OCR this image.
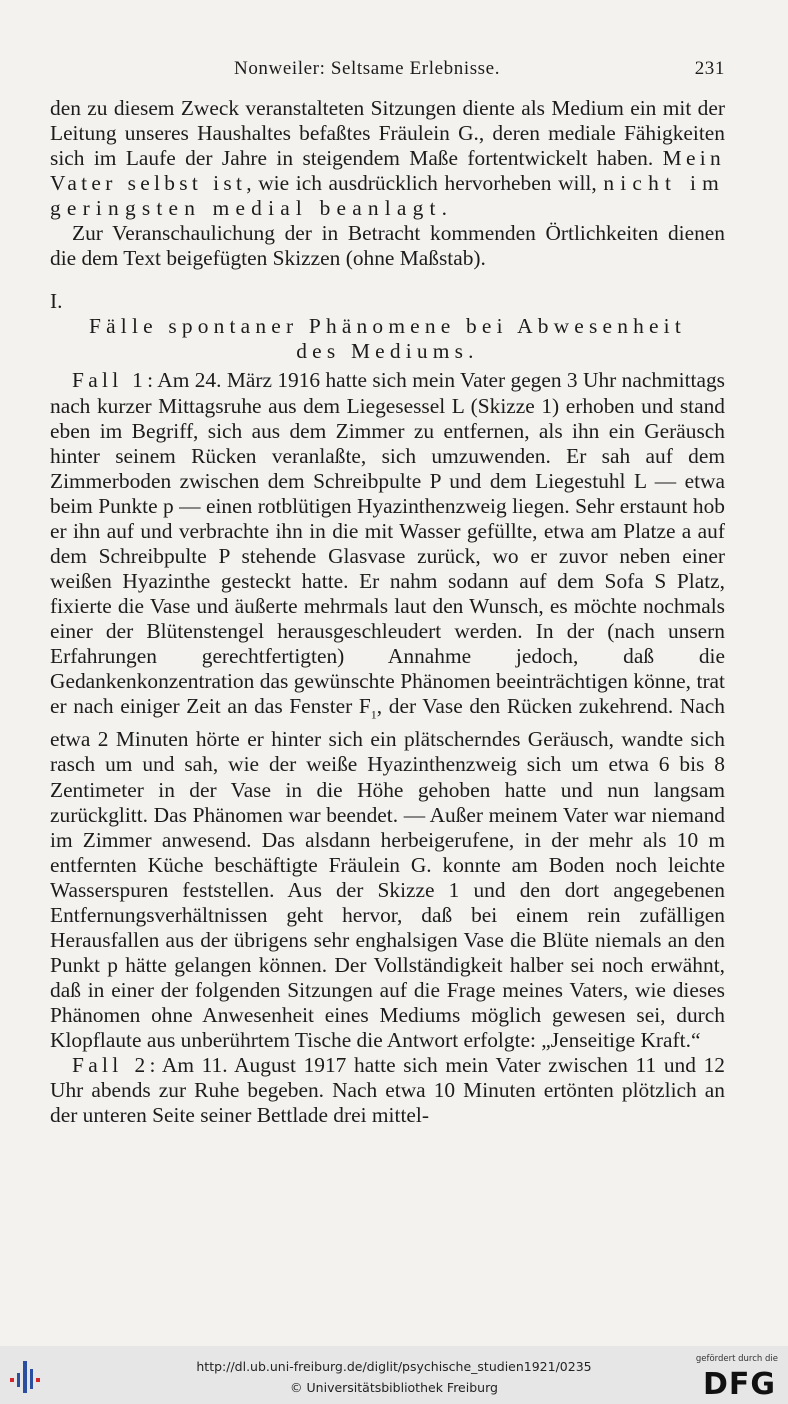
Nonweiler: Seltsame Erlebnisse.	231

den zu diesem Zweck veranstalteten Sitzungen diente als Medium ein mit der Leitung unseres Haushaltes befaßtes Fräulein G., deren mediale Fähigkeiten sich im Laufe der Jahre in steigendem Maße fortentwickelt haben. Mein Vater selbst ist, wie ich ausdrücklich hervorheben will, nicht im geringsten medial beanlagt.

Zur Veranschaulichung der in Betracht kommenden Örtlichkeiten dienen die dem Text beigefügten Skizzen (ohne Maßstab).

I.

Fälle spontaner Phänomene bei Abwesenheit
des Mediums.

Fall 1: Am 24. März 1916 hatte sich mein Vater gegen 3 Uhr nachmittags nach kurzer Mittagsruhe aus dem Liegesessel L (Skizze 1) erhoben und stand eben im Begriff, sich aus dem Zimmer zu entfernen, als ihn ein Geräusch hinter seinem Rücken veranlaßte, sich umzuwenden. Er sah auf dem Zimmerboden zwischen dem Schreibpulte P und dem Liegestuhl L — etwa beim Punkte p — einen rotblütigen Hyazinthenzweig liegen. Sehr erstaunt hob er ihn auf und verbrachte ihn in die mit Wasser gefüllte, etwa am Platze a auf dem Schreibpulte P stehende Glasvase zurück, wo er zuvor neben einer weißen Hyazinthe gesteckt hatte. Er nahm sodann auf dem Sofa S Platz, fixierte die Vase und äußerte mehrmals laut den Wunsch, es möchte nochmals einer der Blütenstengel herausgeschleudert werden. In der (nach unsern Erfahrungen gerechtfertigten) Annahme jedoch, daß die Gedankenkonzentration das gewünschte Phänomen beeinträchtigen könne, trat er nach einiger Zeit an das Fenster $F_1$, der Vase den Rücken zukehrend. Nach etwa 2 Minuten hörte er hinter sich ein plätscherndes Geräusch, wandte sich rasch um und sah, wie der weiße Hyazinthenzweig sich um etwa 6 bis 8 Zentimeter in der Vase in die Höhe gehoben hatte und nun langsam zurückglitt. Das Phänomen war beendet. — Außer meinem Vater war niemand im Zimmer anwesend. Das alsdann herbeigerufene, in der mehr als 10 m entfernten Küche beschäftigte Fräulein G. konnte am Boden noch leichte Wasserspuren feststellen. Aus der Skizze 1 und den dort angegebenen Entfernungsverhältnissen geht hervor, daß bei einem rein zufälligen Herausfallen aus der übrigens sehr enghalsigen Vase die Blüte niemals an den Punkt p hätte gelangen können. Der Vollständigkeit halber sei noch erwähnt, daß in einer der folgenden Sitzungen auf die Frage meines Vaters, wie dieses Phänomen ohne Anwesenheit eines Mediums möglich gewesen sei, durch Klopflaute aus unberührtem Tische die Antwort erfolgte: „Jenseitige Kraft.“

Fall 2: Am 11. August 1917 hatte sich mein Vater zwischen 11 und 12 Uhr abends zur Ruhe begeben. Nach etwa 10 Minuten ertönten plötzlich an der unteren Seite seiner Bettlade drei mittel-

http://dl.ub.uni-freiburg.de/diglit/psychische_studien1921/0235
© Universitätsbibliothek Freiburg
gefördert durch die
DFG
